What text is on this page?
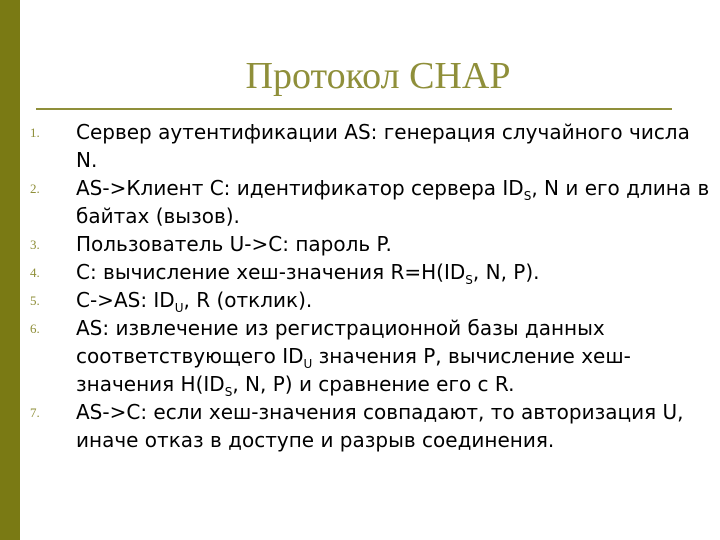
Протокол CHAP
1.	Сервер аутентификации AS: генерация случайного числа N.
2.	AS->Клиент C: идентификатор сервера $ID_S$, N и его длина в байтах (вызов).
3.	Пользователь U->C: пароль P.
4.	C: вычисление хеш-значения $R=H(ID_S$, N, P).
5.	C->AS: $ID_U$, R (отклик).
6.	AS: извлечение из регистрационной базы данных соответствующего $ID_U$ значения P, вычисление хеш-значения $H(ID_S$, N, P) и сравнение его с R.
7.	AS->C: если хеш-значения совпадают, то авторизация U, иначе отказ в доступе и разрыв соединения.
